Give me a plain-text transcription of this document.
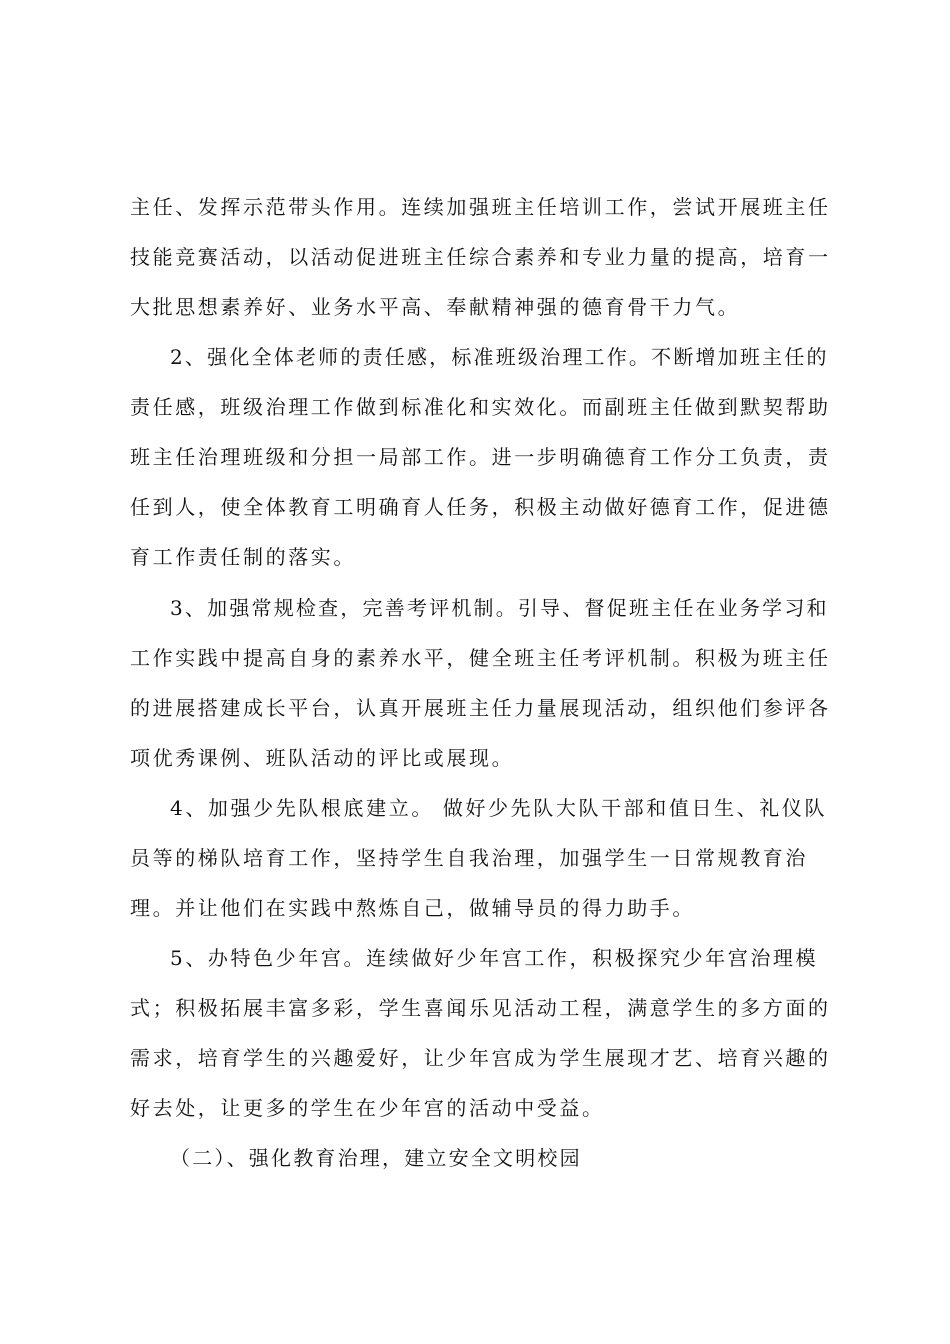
主任、发挥示范带头作用。连续加强班主任培训工作，尝试开展班主任
技能竞赛活动，以活动促进班主任综合素养和专业力量的提高，培育一
大批思想素养好、业务水平高、奉献精神强的德育骨干力气。
2、强化全体老师的责任感，标准班级治理工作。不断增加班主任的
责任感，班级治理工作做到标准化和实效化。而副班主任做到默契帮助
班主任治理班级和分担一局部工作。进一步明确德育工作分工负责，责
任到人，使全体教育工明确育人任务，积极主动做好德育工作，促进德
育工作责任制的落实。
3、加强常规检查，完善考评机制。引导、督促班主任在业务学习和
工作实践中提高自身的素养水平，健全班主任考评机制。积极为班主任
的进展搭建成长平台，认真开展班主任力量展现活动，组织他们参评各
项优秀课例、班队活动的评比或展现。
4、加强少先队根底建立。 做好少先队大队干部和值日生、礼仪队
员等的梯队培育工作，坚持学生自我治理，加强学生一日常规教育治
理。并让他们在实践中熬炼自己，做辅导员的得力助手。
5、办特色少年宫。连续做好少年宫工作，积极探究少年宫治理模
式；积极拓展丰富多彩，学生喜闻乐见活动工程，满意学生的多方面的
需求，培育学生的兴趣爱好，让少年宫成为学生展现才艺、培育兴趣的
好去处，让更多的学生在少年宫的活动中受益。
（二）、强化教育治理，建立安全文明校园
